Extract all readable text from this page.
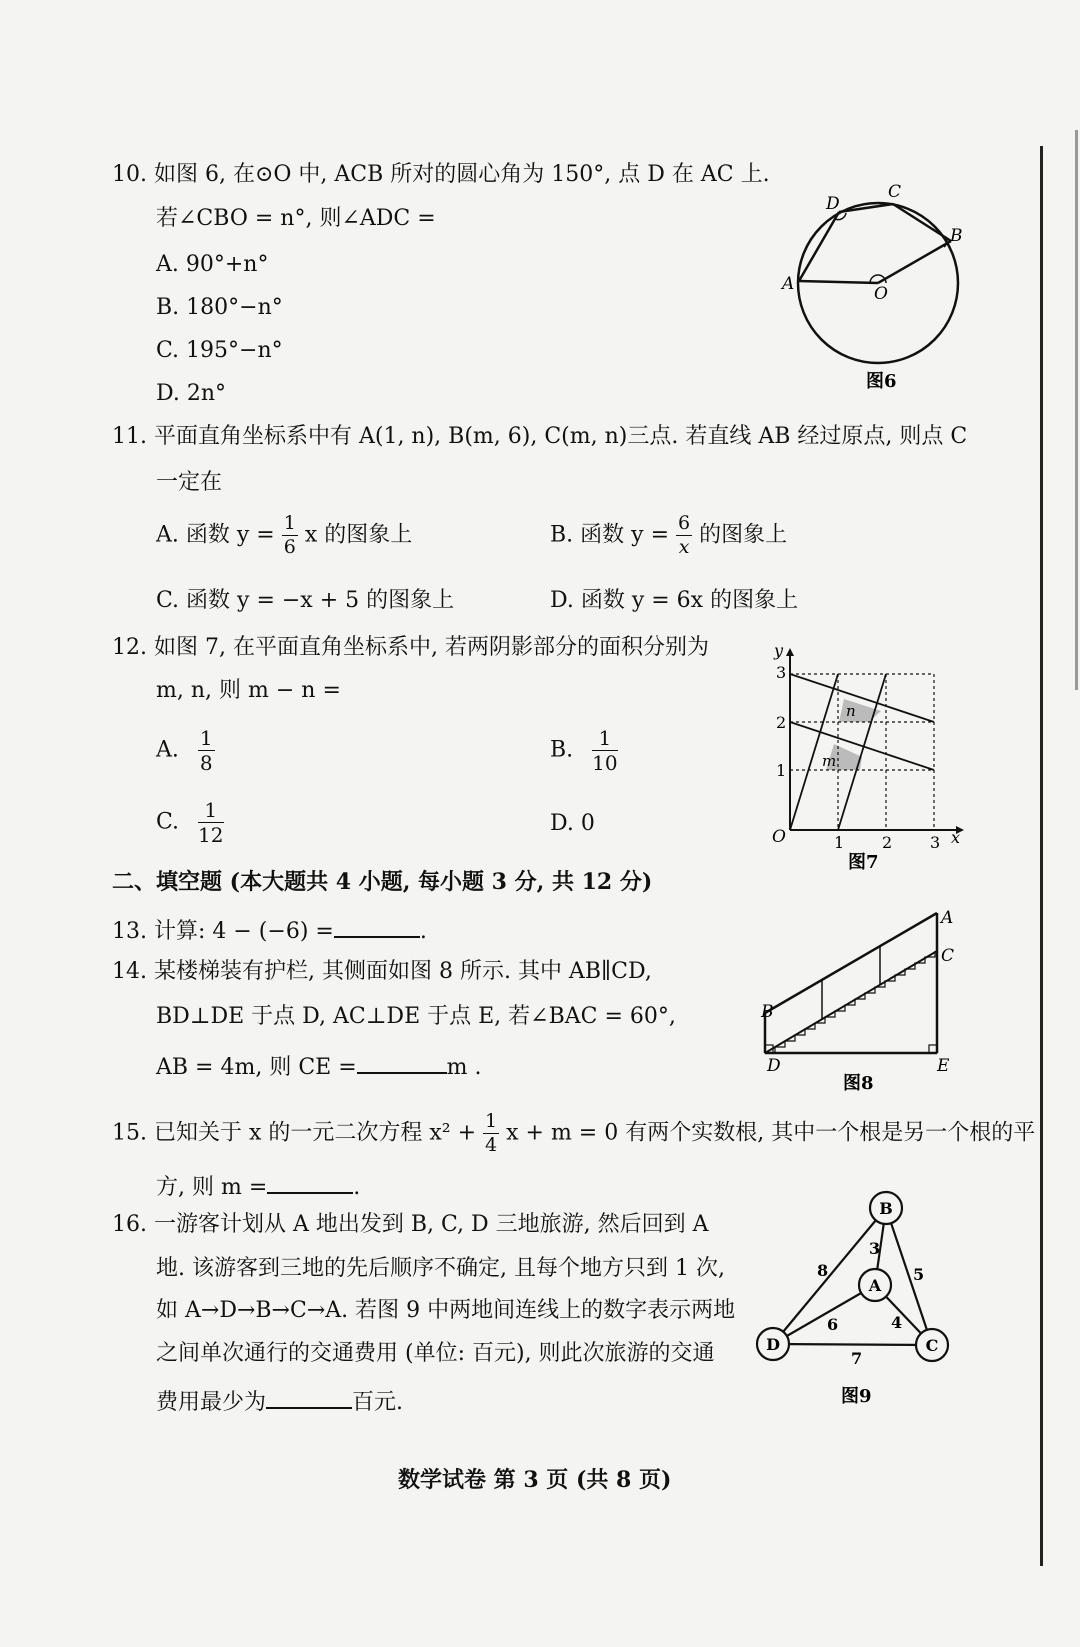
10. 如图 6, 在⊙O 中, ACB 所对的圆心角为 150°, 点 D 在 AC 上.
若∠CBO = n°, 则∠ADC =
A. 90°+n°
B. 180°−n°
C. 195°−n°
D. 2n°
D
C
B
A	O
图6
11. 平面直角坐标系中有 A(1, n), B(m, 6), C(m, n)三点. 若直线 AB 经过原点, 则点 C
一定在
A. 函数 $y = \frac{1}{6}$ x 的图象上	B. 函数 $y = \frac{6}{x}$ 的图象上
C. 函数 y = −x + 5 的图象上	D. 函数 y = 6x 的图象上
12. 如图 7, 在平面直角坐标系中, 若两阴影部分的面积分别为
m, n, 则 m − n =
A. $\frac{1}{8}$	B. $\frac{1}{10}$
C. $\frac{1}{12}$	D. 0
n
m
y
x
O
1
2
3
1 2 3
图7
二、填空题 (本大题共 4 小题, 每小题 3 分, 共 12 分)
13. 计算: 4 − (−6) =	.
14. 某楼梯装有护栏, 其侧面如图 8 所示. 其中 AB∥CD,
BD⊥DE 于点 D, AC⊥DE 于点 E, 若∠BAC = 60°,
AB = 4m, 则 CE =	m .
A
C
B
D	E
图8
15. 已知关于 x 的一元二次方程 $x^2 + \frac{1}{4}$ x + m = 0 有两个实数根, 其中一个根是另一个根的平
方, 则 m =	.
16. 一游客计划从 A 地出发到 B, C, D 三地旅游, 然后回到 A
地. 该游客到三地的先后顺序不确定, 且每个地方只到 1 次,
如 A→D→B→C→A. 若图 9 中两地间连线上的数字表示两地
之间单次通行的交通费用 (单位: 百元), 则此次旅游的交通
费用最少为	百元.
B
A
D	C
8
3
5
6	4
7
图9
数学试卷 第 3 页 (共 8 页)
